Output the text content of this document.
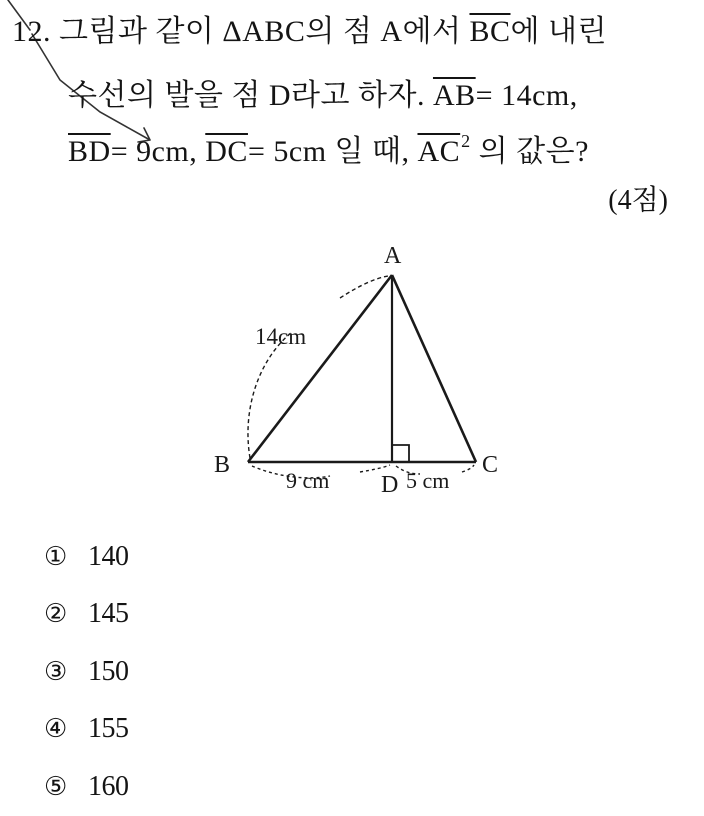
12. 그림과 같이 ΔABC의 점 A에서 $\overline{BC}$에 내린
수선의 발을 점 D라고 하자. $\overline{AB}= 14cm$,
$\overline{BD}= 9cm$, $\overline{DC}= 5cm$ 일 때, $\overline{AC}^2$ 의 값은?
(4점)
A
B	C
D
14cm
9 cm	5 cm
① 140
② 145
③ 150
④ 155
⑤ 160
